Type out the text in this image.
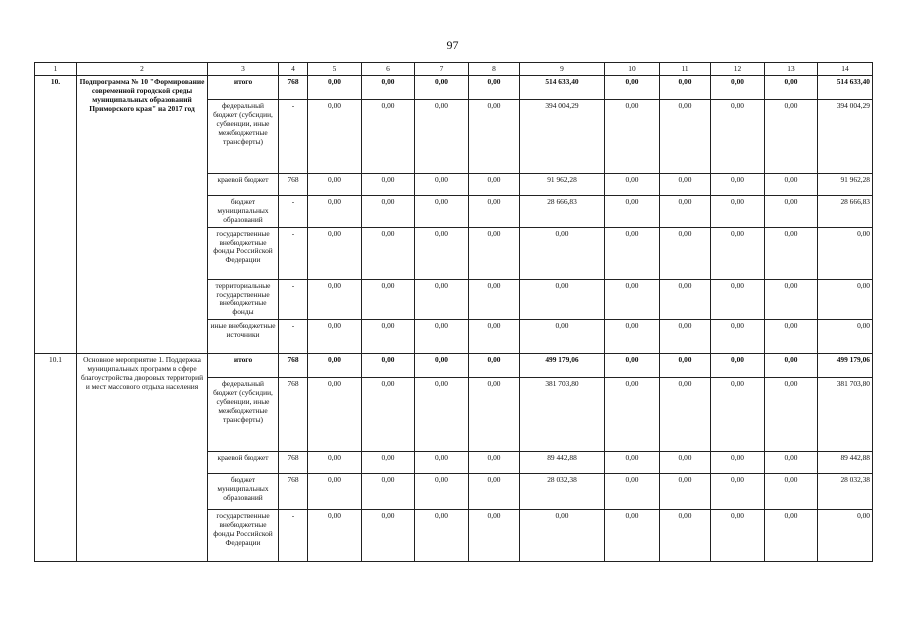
97
1	2	3	4	5	6	7	8	9	10	11	12	13	14
10.	Подпрограмма № 10 "Формирование современной городской среды муниципальных образований Приморского края" на 2017 год	итого	768	0,00	0,00	0,00	0,00	514 633,40	0,00	0,00	0,00	0,00	514 633,40
		федеральный бюджет (субсидии, субвенции, иные межбюджетные трансферты)	-	0,00	0,00	0,00	0,00	394 004,29	0,00	0,00	0,00	0,00	394 004,29
		краевой бюджет	768	0,00	0,00	0,00	0,00	91 962,28	0,00	0,00	0,00	0,00	91 962,28
		бюджет муниципальных образований	-	0,00	0,00	0,00	0,00	28 666,83	0,00	0,00	0,00	0,00	28 666,83
		государственные внебюджетные фонды Российской Федерации	-	0,00	0,00	0,00	0,00	0,00	0,00	0,00	0,00	0,00	0,00
		территориальные государственные внебюджетные фонды	-	0,00	0,00	0,00	0,00	0,00	0,00	0,00	0,00	0,00	0,00
		иные внебюджетные источники	-	0,00	0,00	0,00	0,00	0,00	0,00	0,00	0,00	0,00	0,00
10.1	Основное мероприятие 1. Поддержка муниципальных программ в сфере благоустройства дворовых территорий и мест массового отдыха населения	итого	768	0,00	0,00	0,00	0,00	499 179,06	0,00	0,00	0,00	0,00	499 179,06
		федеральный бюджет (субсидии, субвенции, иные межбюджетные трансферты)	768	0,00	0,00	0,00	0,00	381 703,80	0,00	0,00	0,00	0,00	381 703,80
		краевой бюджет	768	0,00	0,00	0,00	0,00	89 442,88	0,00	0,00	0,00	0,00	89 442,88
		бюджет муниципальных образований	768	0,00	0,00	0,00	0,00	28 032,38	0,00	0,00	0,00	0,00	28 032,38
		государственные внебюджетные фонды Российской Федерации	-	0,00	0,00	0,00	0,00	0,00	0,00	0,00	0,00	0,00	0,00
